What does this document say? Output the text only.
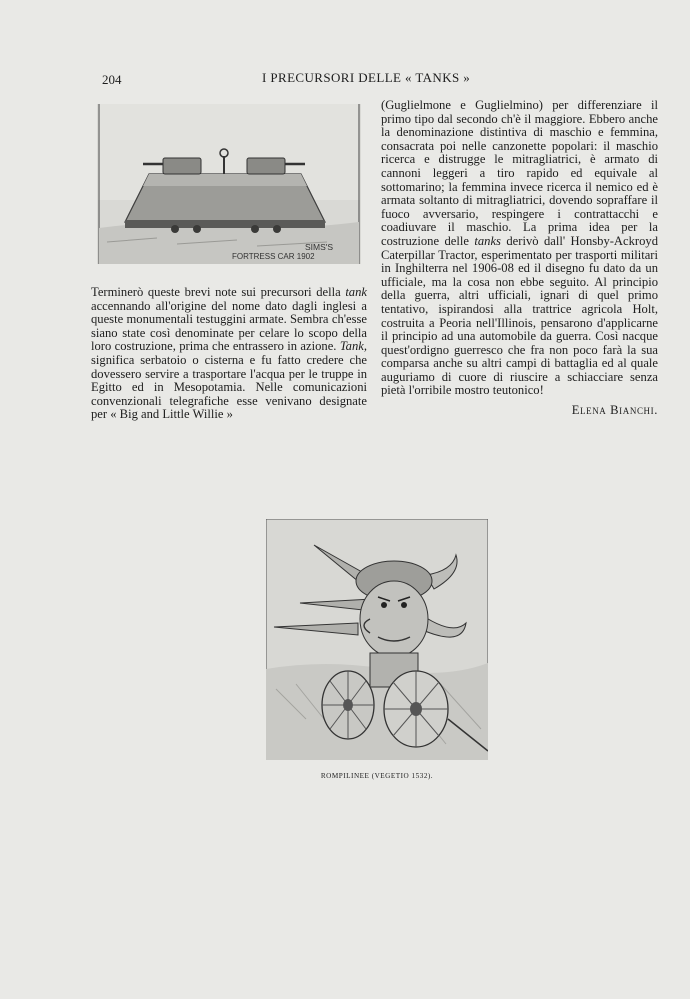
204	I PRECURSORI DELLE « TANKS »
SIMS'S
FORTRESS CAR 1902

Terminerò queste brevi note sui precursori della tank accennando all'origine del nome dato dagli inglesi a queste monumentali testuggini armate. Sembra ch'esse siano state così denominate per celare lo scopo della loro costruzione, prima che entrassero in azione. Tank, significa serbatoio o cisterna e fu fatto credere che dovessero servire a trasportare l'acqua per le truppe in Egitto ed in Mesopotamia. Nelle comunicazioni convenzionali telegrafiche esse venivano designate per « Big and Little Willie »

(Guglielmone e Guglielmino) per differenziare il primo tipo dal secondo ch'è il maggiore. Ebbero anche la denominazione distintiva di maschio e femmina, consacrata poi nelle canzonette popolari: il maschio ricerca e distrugge le mitragliatrici, è armato di cannoni leggeri a tiro rapido ed equivale al sottomarino; la femmina invece ricerca il nemico ed è armata soltanto di mitragliatrici, dovendo sopraffare il fuoco avversario, respingere i contrattacchi e coadiuvare il maschio. La prima idea per la costruzione delle tanks derivò dall' Honsby-Ackroyd Caterpillar Tractor, esperimentato per trasporti militari in Inghilterra nel 1906-08 ed il disegno fu dato da un ufficiale, ma la cosa non ebbe seguito. Al principio della guerra, altri ufficiali, ignari di quel primo tentativo, ispirandosi alla trattrice agricola Holt, costruita a Peoria nell'Illinois, pensarono d'applicarne il principio ad una automobile da guerra. Così nacque quest'ordigno guerresco che fra non poco farà la sua comparsa anche su altri campi di battaglia ed al quale auguriamo di cuore di riuscire a schiacciare senza pietà l'orribile mostro teutonico!

Elena Bianchi.
ROMPILINEE (VEGETIO 1532).
